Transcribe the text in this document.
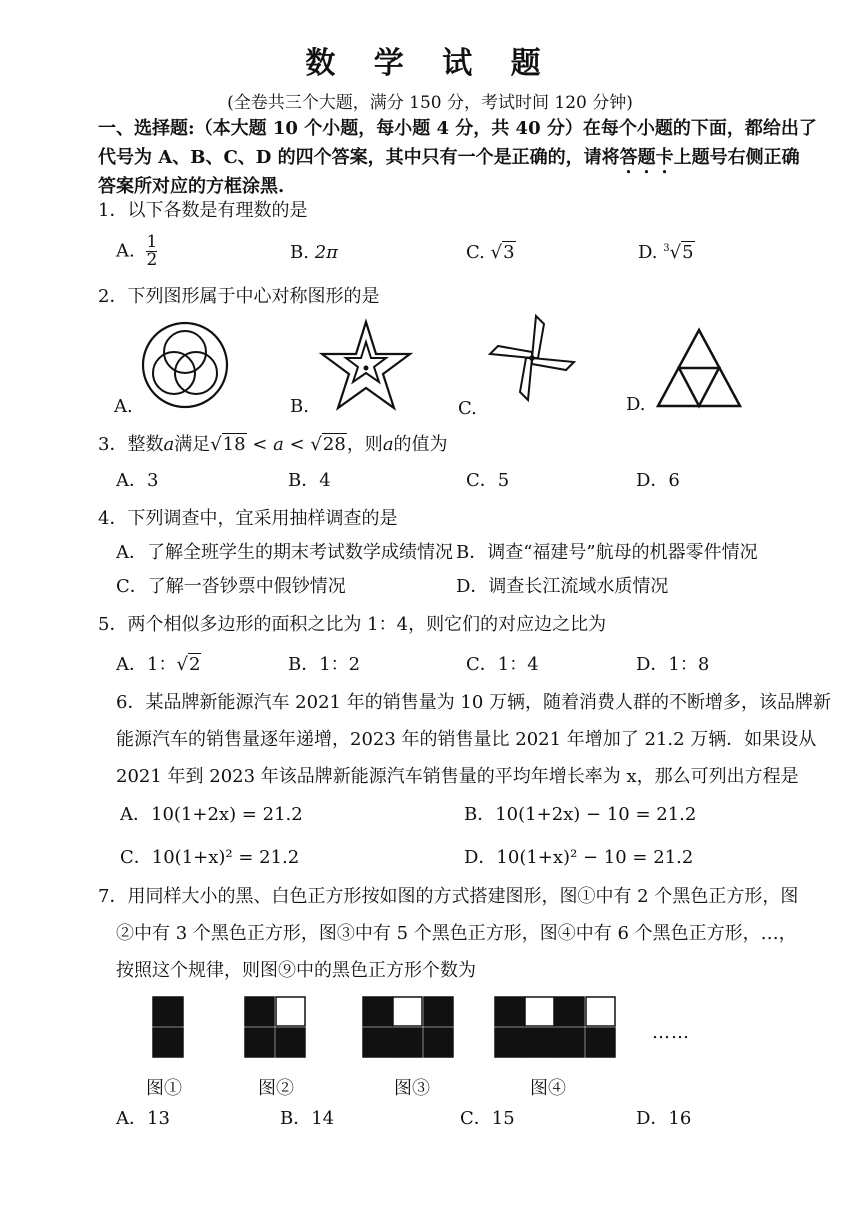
数 学 试 题
(全卷共三个大题，满分 150 分，考试时间 120 分钟)
一、选择题:（本大题 10 个小题，每小题 4 分，共 40 分）在每个小题的下面，都给出了
代号为 A、B、C、D 的四个答案，其中只有一个是正确的，请将答题卡上题号右侧正确
答案所对应的方框涂黑.
1．以下各数是有理数的是
A. $\frac{1}{2}$	B. 2π	C. √3	D. $^3$√5
2．下列图形属于中心对称图形的是
A.	B.	C.	D.
3．整数a满足√18 < a < √28，则a的值为
A．3	B．4	C．5	D．6
4．下列调查中，宜采用抽样调查的是
A．了解全班学生的期末考试数学成绩情况 B．调查“福建号”航母的机器零件情况
C．了解一沓钞票中假钞情况	D．调查长江流域水质情况
5．两个相似多边形的面积之比为 1：4，则它们的对应边之比为
A．1：√2	B．1：2	C．1：4	D．1：8
6．某品牌新能源汽车 2021 年的销售量为 10 万辆，随着消费人群的不断增多，该品牌新
能源汽车的销售量逐年递增，2023 年的销售量比 2021 年增加了 21.2 万辆．如果设从
2021 年到 2023 年该品牌新能源汽车销售量的平均年增长率为 x，那么可列出方程是
A．10(1+2x) = 21.2	B．10(1+2x) − 10 = 21.2
C．10(1+x)² = 21.2	D．10(1+x)² − 10 = 21.2
7．用同样大小的黑、白色正方形按如图的方式搭建图形，图①中有 2 个黑色正方形，图
②中有 3 个黑色正方形，图③中有 5 个黑色正方形，图④中有 6 个黑色正方形，…，
按照这个规律，则图⑨中的黑色正方形个数为
……
图①	图②	图③	图④
A．13	B．14	C．15	D．16
